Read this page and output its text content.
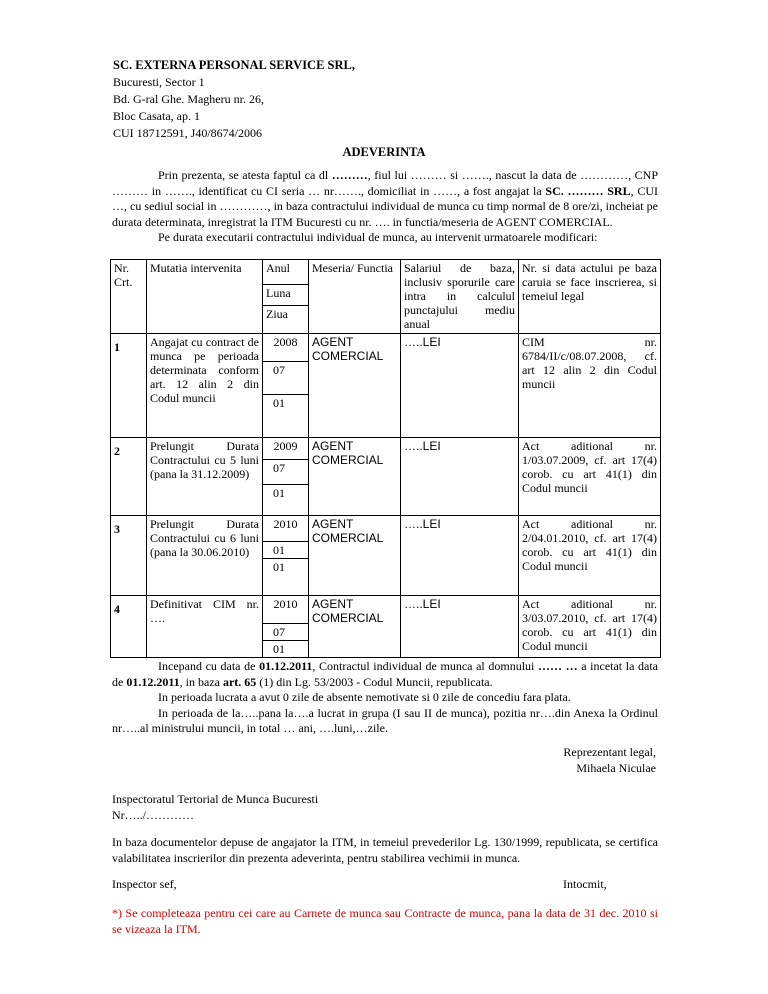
SC. EXTERNA PERSONAL SERVICE SRL,
Bucuresti, Sector 1
Bd. G-ral Ghe. Magheru nr. 26,
Bloc Casata, ap. 1
CUI 18712591, J40/8674/2006
ADEVERINTA

Prin prezenta, se atesta faptul ca dl ………, fiul lui ……… si ……., nascut la data de …………, CNP ……… in ……., identificat cu CI seria … nr……., domiciliat in ……, a fost angajat la SC. ……… SRL, CUI …, cu sediul social in …………, in baza contractului individual de munca cu timp normal de 8 ore/zi, incheiat pe durata determinata, inregistrat la ITM Bucuresti cu nr. …. in functia/meseria de AGENT COMERCIAL.

Pe durata executarii contractului individual de munca, au intervenit urmatoarele modificari:

Nr. Crt.	Mutatia intervenita	Anul
Luna
Ziua	Meseria/ Functia	Salariul de baza, inclusiv sporurile care intra in calculul punctajului mediu anual	Nr. si data actului pe baza caruia se face inscrierea, si temeiul legal
1	Angajat cu contract de munca pe perioada determinata conform art. 12 alin 2 din Codul muncii	2008
07
01	AGENT COMERCIAL	…..LEI	CIM nr. 6784/II/c/08.07.2008, cf. art 12 alin 2 din Codul muncii
2	Prelungit Durata Contractului cu 5 luni (pana la 31.12.2009)	2009
07
01	AGENT COMERCIAL	…..LEI	Act aditional nr. 1/03.07.2009, cf. art 17(4) corob. cu art 41(1) din Codul muncii
3	Prelungit Durata Contractului cu 6 luni (pana la 30.06.2010)	2010
01
01	AGENT COMERCIAL	…..LEI	Act aditional nr. 2/04.01.2010, cf. art 17(4) corob. cu art 41(1) din Codul muncii
4	Definitivat CIM nr. ….	2010
07
01	AGENT COMERCIAL	…..LEI	Act aditional nr. 3/03.07.2010, cf. art 17(4) corob. cu art 41(1) din Codul muncii

Incepand cu data de 01.12.2011, Contractul individual de munca al domnului …… … a incetat la data de 01.12.2011, in baza art. 65 (1) din Lg. 53/2003 - Codul Muncii, republicata.

In perioada lucrata a avut 0 zile de absente nemotivate si 0 zile de concediu fara plata.

In perioada de la…..pana la….a lucrat in grupa (I sau II de munca), pozitia nr….din Anexa la Ordinul nr…..al ministrului muncii, in total … ani, ….luni,…zile.

Reprezentant legal,
Mihaela Niculae
Inspectoratul Tertorial de Munca Bucuresti
Nr…../…………

In baza documentelor depuse de angajator la ITM, in temeiul prevederilor Lg. 130/1999, republicata, se certifica valabilitatea inscrierilor din prezenta adeverinta, pentru stabilirea vechimii in munca.

Inspector sef,	Intocmit,

*) Se completeaza pentru cei care au Carnete de munca sau Contracte de munca, pana la data de 31 dec. 2010 si se vizeaza la ITM.
